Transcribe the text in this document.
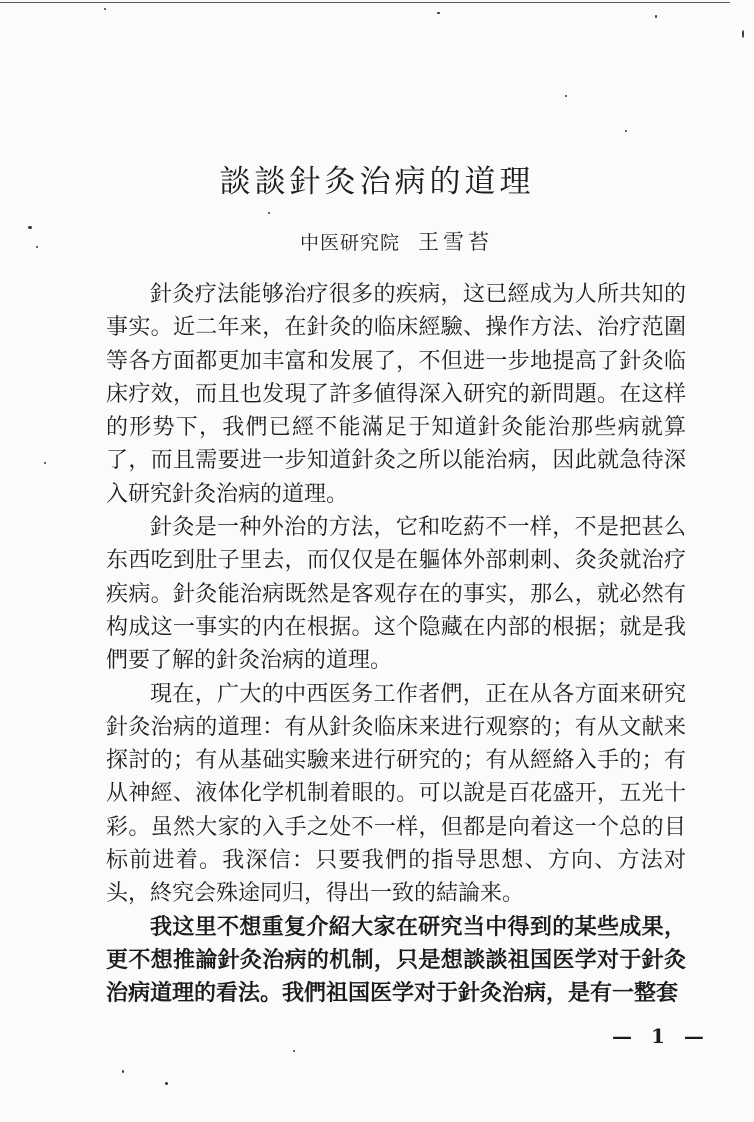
談談針灸治病的道理
中医研究院 王雪苔

針灸疗法能够治疗很多的疾病，这已經成为人所共知的事实。近二年来，在針灸的临床經驗、操作方法、治疗范圍等各方面都更加丰富和发展了，不但进一步地提高了針灸临床疗效，而且也发現了許多値得深入研究的新問題。在这样的形势下，我們已經不能滿足于知道針灸能治那些病就算了，而且需要进一步知道針灸之所以能治病，因此就急待深入研究針灸治病的道理。

針灸是一种外治的方法，它和吃葯不一样，不是把甚么东西吃到肚子里去，而仅仅是在軀体外部刺刺、灸灸就治疗疾病。針灸能治病既然是客观存在的事实，那么，就必然有构成这一事实的内在根据。这个隐藏在内部的根据；就是我們要了解的針灸治病的道理。

現在，广大的中西医务工作者們，正在从各方面来研究針灸治病的道理：有从針灸临床来进行观察的；有从文献来探討的；有从基础实驗来进行研究的；有从經絡入手的；有从神經、液体化学机制着眼的。可以說是百花盛开，五光十彩。虽然大家的入手之处不一样，但都是向着这一个总的目标前进着。我深信：只要我們的指导思想、方向、方法对头，終究会殊途同归，得出一致的結論来。

我这里不想重复介紹大家在研究当中得到的某些成果，更不想推論針灸治病的机制，只是想談談祖国医学对于針灸治病道理的看法。我們祖国医学对于針灸治病，是有一整套

— 1 —
